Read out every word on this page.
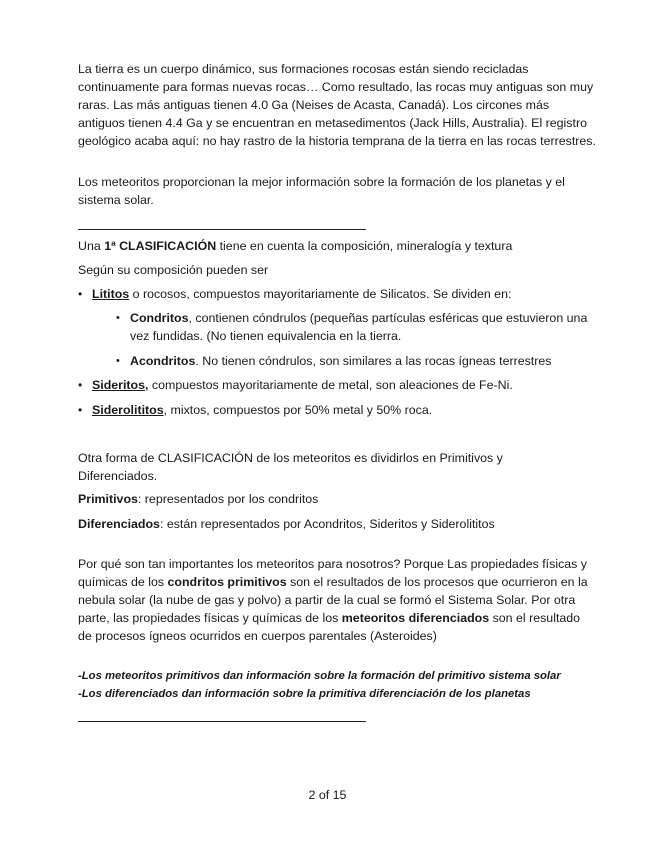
La tierra es un cuerpo dinámico, sus formaciones rocosas están siendo recicladas continuamente para formas nuevas rocas… Como resultado, las rocas muy antiguas son muy raras. Las más antiguas tienen 4.0 Ga (Neises de Acasta, Canadá). Los circones más antiguos tienen 4.4 Ga y se encuentran en metasedimentos (Jack Hills, Australia). El registro geológico acaba aquí: no hay rastro de la historia temprana de la tierra en las rocas terrestres.

Los meteoritos proporcionan la mejor información sobre la formación de los planetas y el sistema solar.

Una 1ª CLASIFICACIÓN tiene en cuenta la composición, mineralogía y textura

Según su composición pueden ser

• Lititos o rocosos, compuestos mayoritariamente de Silicatos. Se dividen en:

• Condritos, contienen cóndrulos (pequeñas partículas esféricas que estuvieron una vez fundidas. (No tienen equivalencia en la tierra.

• Acondritos. No tienen cóndrulos, son similares a las rocas ígneas terrestres

• Sideritos, compuestos mayoritariamente de metal, son aleaciones de Fe-Ni.

• Siderolititos, mixtos, compuestos por 50% metal y 50% roca.

Otra forma de CLASIFICACIÓN de los meteoritos es dividirlos en Primitivos y Diferenciados.

Primitivos: representados por los condritos

Diferenciados: están representados por Acondritos, Sideritos y Siderolititos

Por qué son tan importantes los meteoritos para nosotros? Porque Las propiedades físicas y químicas de los condritos primitivos son el resultados de los procesos que ocurrieron en la nebula solar (la nube de gas y polvo) a partir de la cual se formó el Sistema Solar. Por otra parte, las propiedades físicas y químicas de los meteoritos diferenciados son el resultado de procesos ígneos ocurridos en cuerpos parentales (Asteroides)

-Los meteoritos primitivos dan información sobre la formación del primitivo sistema solar

-Los diferenciados dan información sobre la primitiva diferenciación de los planetas

2 of 15
